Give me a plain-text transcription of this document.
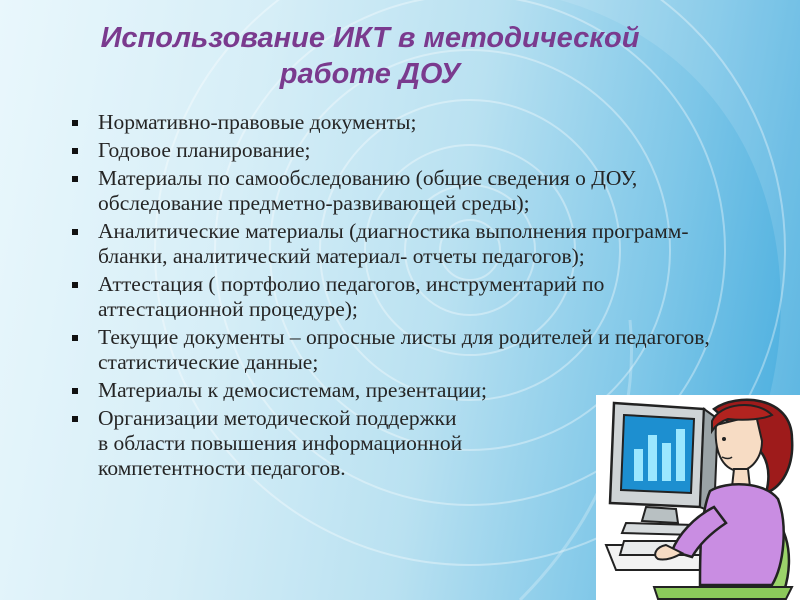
Использование ИКТ в методической
работе ДОУ
Нормативно-правовые документы;
Годовое планирование;
Материалы по самообследованию (общие сведения о ДОУ, обследование предметно-развивающей среды);
Аналитические материалы (диагностика выполнения программ- бланки, аналитический материал- отчеты педагогов);
Аттестация ( портфолио педагогов, инструментарий по аттестационной процедуре);
Текущие документы – опросные листы для родителей и педагогов, статистические данные;
Материалы к демосистемам, презентации;
Организации методической поддержки
в области повышения информационной
компетентности педагогов.
